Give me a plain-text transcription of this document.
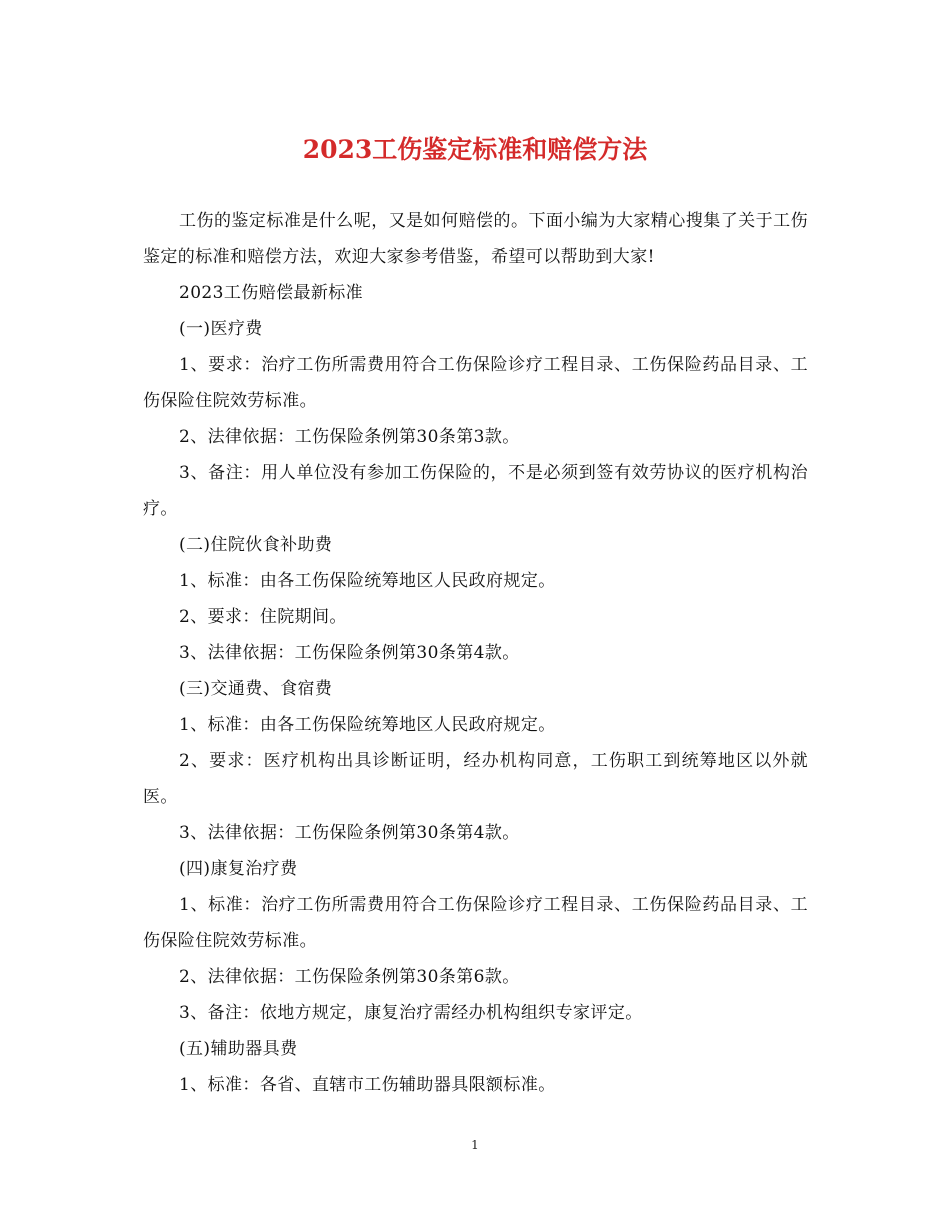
2023工伤鉴定标准和赔偿方法

工伤的鉴定标准是什么呢，又是如何赔偿的。下面小编为大家精心搜集了关于工伤鉴定的标准和赔偿方法，欢迎大家参考借鉴，希望可以帮助到大家!

2023工伤赔偿最新标准

(一)医疗费

1、要求：治疗工伤所需费用符合工伤保险诊疗工程目录、工伤保险药品目录、工伤保险住院效劳标准。

2、法律依据：工伤保险条例第30条第3款。

3、备注：用人单位没有参加工伤保险的，不是必须到签有效劳协议的医疗机构治疗。

(二)住院伙食补助费

1、标准：由各工伤保险统筹地区人民政府规定。

2、要求：住院期间。

3、法律依据：工伤保险条例第30条第4款。

(三)交通费、食宿费

1、标准：由各工伤保险统筹地区人民政府规定。

2、要求：医疗机构出具诊断证明，经办机构同意，工伤职工到统筹地区以外就医。

3、法律依据：工伤保险条例第30条第4款。

(四)康复治疗费

1、标准：治疗工伤所需费用符合工伤保险诊疗工程目录、工伤保险药品目录、工伤保险住院效劳标准。

2、法律依据：工伤保险条例第30条第6款。

3、备注：依地方规定，康复治疗需经办机构组织专家评定。

(五)辅助器具费

1、标准：各省、直辖市工伤辅助器具限额标准。

1
